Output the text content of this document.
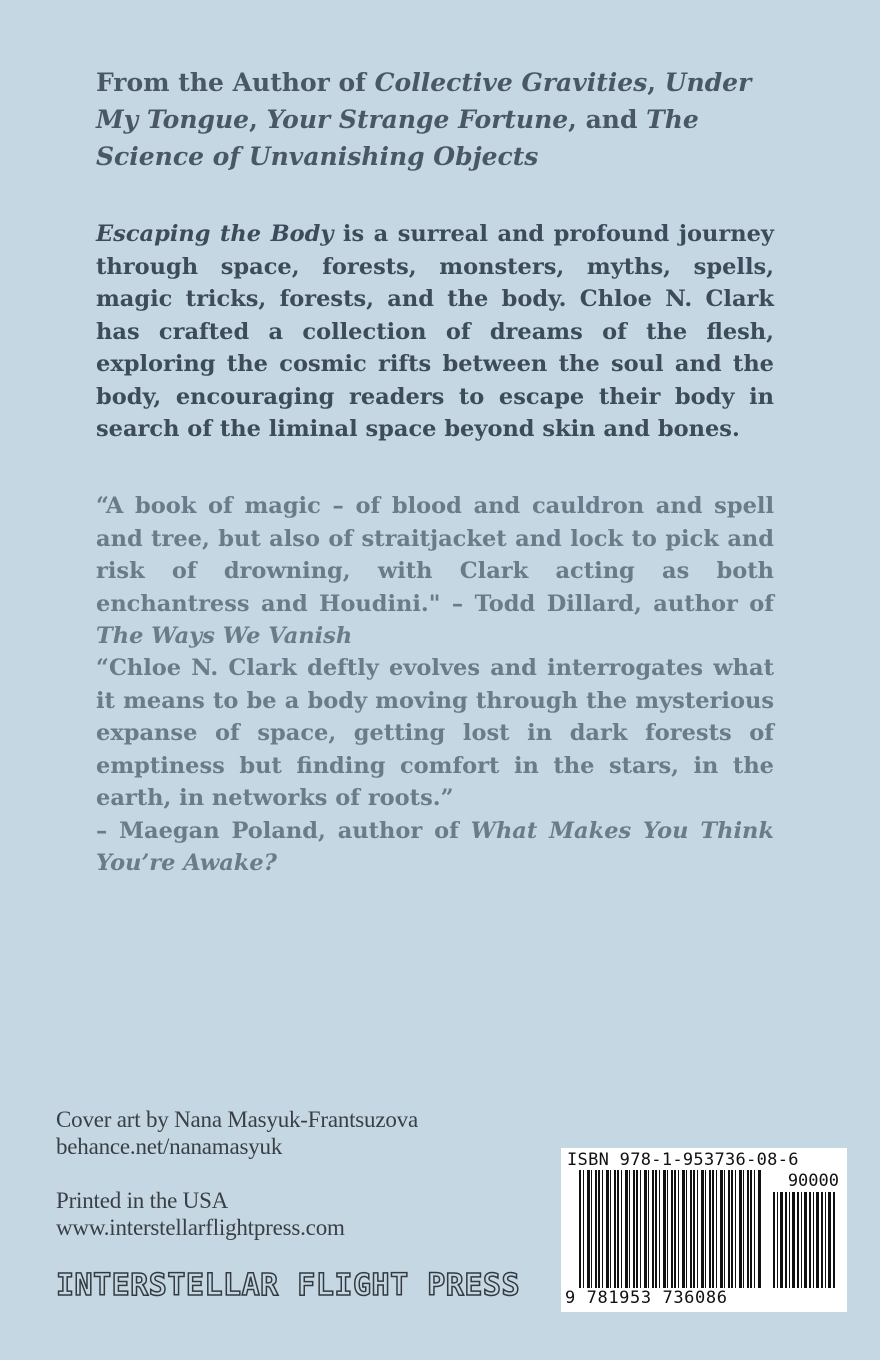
From the Author of Collective Gravities, Under My Tongue, Your Strange Fortune, and The Science of Unvanishing Objects
Escaping the Body is a surreal and profound journey through space, forests, monsters, myths, spells, magic tricks, forests, and the body. Chloe N. Clark has crafted a collection of dreams of the flesh, exploring the cosmic rifts between the soul and the body, encouraging readers to escape their body in search of the liminal space beyond skin and bones.
“A book of magic – of blood and cauldron and spell and tree, but also of straitjacket and lock to pick and risk of drowning, with Clark acting as both enchantress and Houdini." – Todd Dillard, author of The Ways We Vanish
“Chloe N. Clark deftly evolves and interrogates what it means to be a body moving through the mysterious expanse of space, getting lost in dark forests of emptiness but finding comfort in the stars, in the earth, in networks of roots.”
– Maegan Poland, author of What Makes You Think You’re Awake?
Cover art by Nana Masyuk-Frantsuzova
behance.net/nanamasyuk
Printed in the USA
www.interstellarflightpress.com
INTERSTELLAR FLIGHT PRESS
ISBN 978-1-953736-08-6
90000
9 781953 736086
